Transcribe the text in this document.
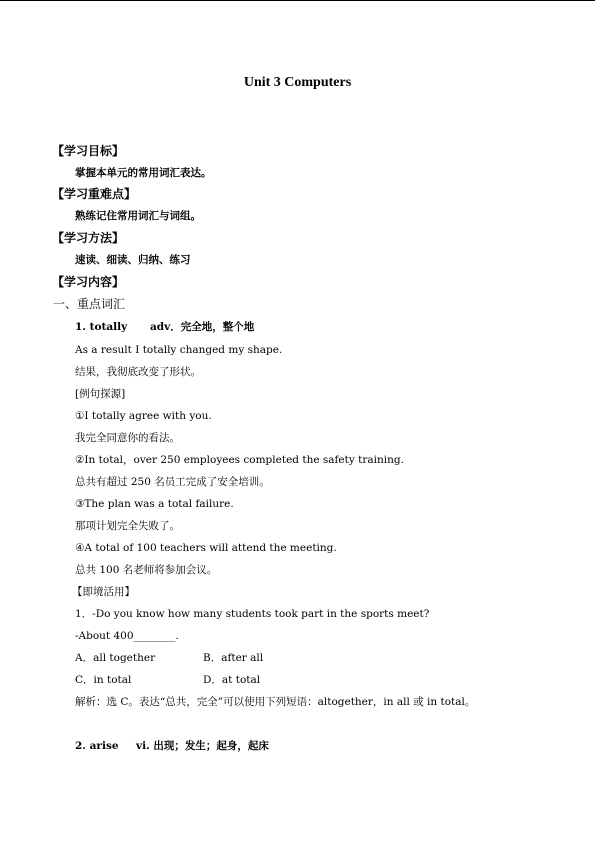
Unit 3 Computers
【学习目标】
掌握本单元的常用词汇表达。
【学习重难点】
熟练记住常用词汇与词组。
【学习方法】
速读、细读、归纳、练习
【学习内容】
一、重点词汇
1. totally adv．完全地，整个地
As a result I totally changed my shape.
结果，我彻底改变了形状。
[例句探源]
①I totally agree with you.
我完全同意你的看法。
②In total，over 250 employees completed the safety training.
总共有超过 250 名员工完成了安全培训。
③The plan was a total failure.
那项计划完全失败了。
④A total of 100 teachers will attend the meeting.
总共 100 名老师将参加会议。
【即境活用】
1．-Do you know how many students took part in the sports meet?
-About 400________.
A．all together	B．after all
C．in total	D．at total
解析：选 C。表达“总共，完全”可以使用下列短语：altogether，in all 或 in total。
2. arise vi. 出现；发生；起身，起床
